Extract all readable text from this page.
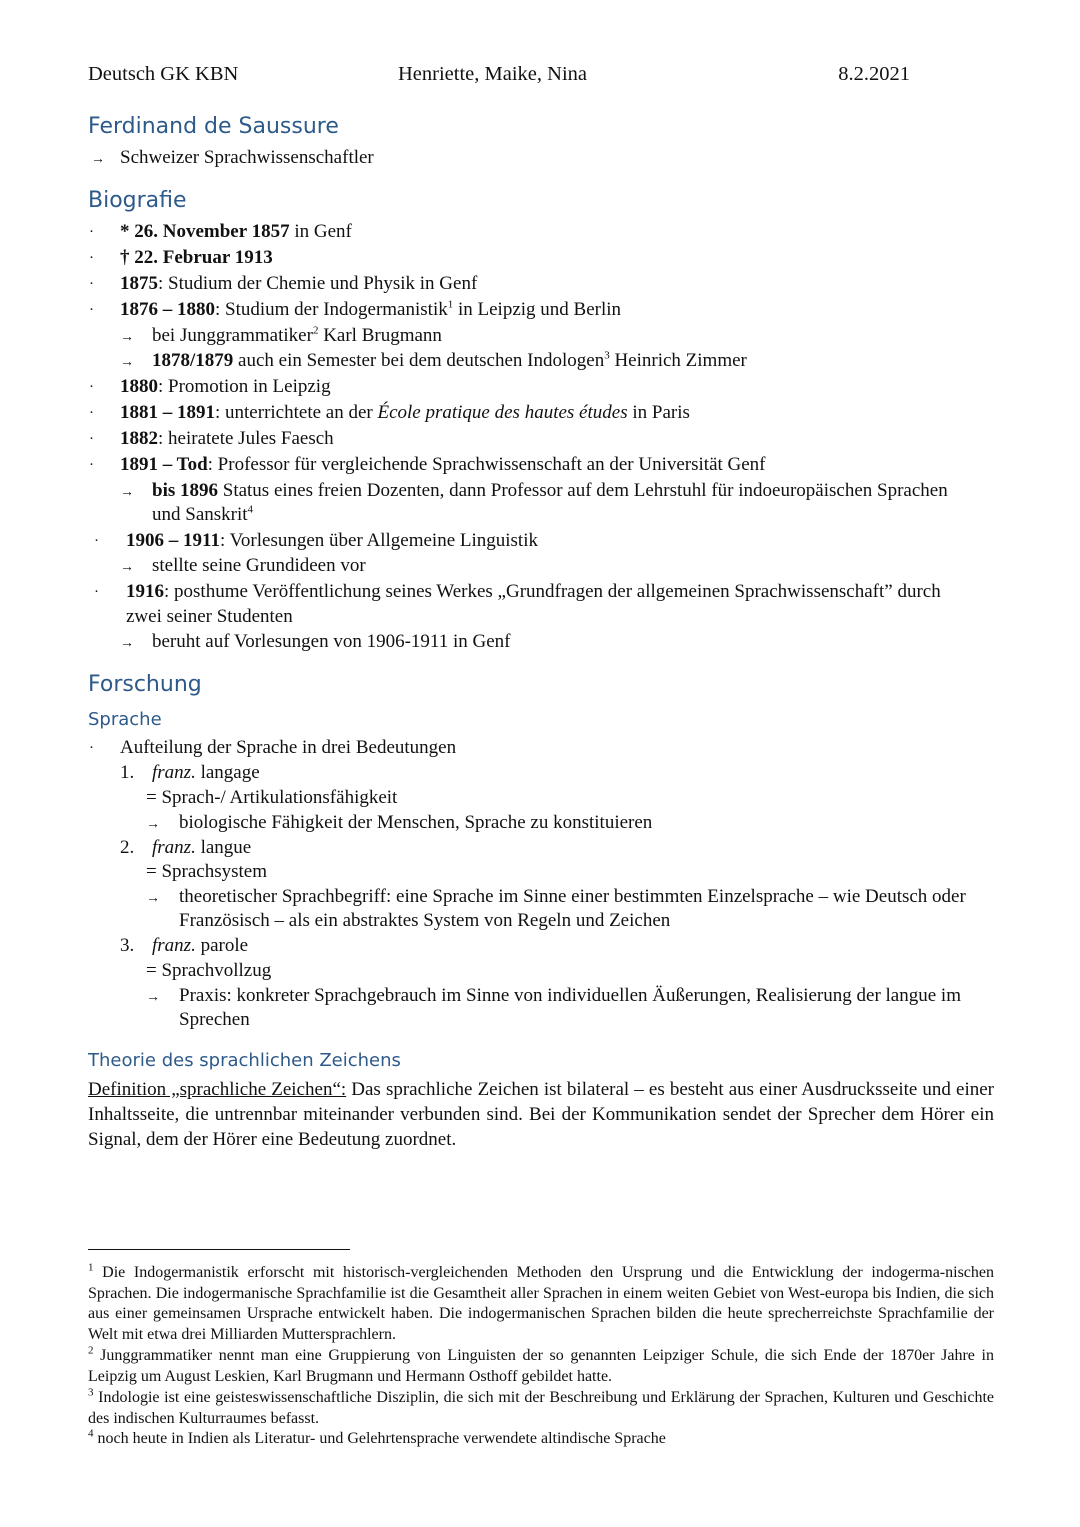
Deutsch GK KBN	Henriette, Maike, Nina	8.2.2021
Ferdinand de Saussure
→ Schweizer Sprachwissenschaftler
Biografie
· * 26. November 1857 in Genf
· † 22. Februar 1913
· 1875: Studium der Chemie und Physik in Genf
· 1876 – 1880: Studium der Indogermanistik$^1$ in Leipzig und Berlin
→ bei Junggrammatiker$^2$ Karl Brugmann
→ 1878/1879 auch ein Semester bei dem deutschen Indologen$^3$ Heinrich Zimmer
· 1880: Promotion in Leipzig
· 1881 – 1891: unterrichtete an der École pratique des hautes études in Paris
· 1882: heiratete Jules Faesch
· 1891 – Tod: Professor für vergleichende Sprachwissenschaft an der Universität Genf
→ bis 1896 Status eines freien Dozenten, dann Professor auf dem Lehrstuhl für indoeuropäischen Sprachen
und Sanskrit$^4$
· 1906 – 1911: Vorlesungen über Allgemeine Linguistik
→ stellte seine Grundideen vor
· 1916: posthume Veröffentlichung seines Werkes „Grundfragen der allgemeinen Sprachwissenschaft” durch
zwei seiner Studenten
→ beruht auf Vorlesungen von 1906-1911 in Genf
Forschung
Sprache
· Aufteilung der Sprache in drei Bedeutungen
1. franz. langage
= Sprach-/ Artikulationsfähigkeit
→ biologische Fähigkeit der Menschen, Sprache zu konstituieren
2. franz. langue
= Sprachsystem
→ theoretischer Sprachbegriff: eine Sprache im Sinne einer bestimmten Einzelsprache – wie Deutsch oder
Französisch – als ein abstraktes System von Regeln und Zeichen
3. franz. parole
= Sprachvollzug
→ Praxis: konkreter Sprachgebrauch im Sinne von individuellen Äußerungen, Realisierung der langue im
Sprechen
Theorie des sprachlichen Zeichens
Definition „sprachliche Zeichen“: Das sprachliche Zeichen ist bilateral – es besteht aus einer Ausdrucksseite und einer Inhaltsseite, die untrennbar miteinander verbunden sind. Bei der Kommunikation sendet der Sprecher dem Hörer ein Signal, dem der Hörer eine Bedeutung zuordnet.
$^1$ Die Indogermanistik erforscht mit historisch-vergleichenden Methoden den Ursprung und die Entwicklung der indogerma-nischen Sprachen. Die indogermanische Sprachfamilie ist die Gesamtheit aller Sprachen in einem weiten Gebiet von West-europa bis Indien, die sich aus einer gemeinsamen Ursprache entwickelt haben. Die indogermanischen Sprachen bilden die heute sprecherreichste Sprachfamilie der Welt mit etwa drei Milliarden Muttersprachlern.
$^2$ Junggrammatiker nennt man eine Gruppierung von Linguisten der so genannten Leipziger Schule, die sich Ende der 1870er Jahre in Leipzig um August Leskien, Karl Brugmann und Hermann Osthoff gebildet hatte.
$^3$ Indologie ist eine geisteswissenschaftliche Disziplin, die sich mit der Beschreibung und Erklärung der Sprachen, Kulturen und Geschichte des indischen Kulturraumes befasst.
$^4$ noch heute in Indien als Literatur- und Gelehrtensprache verwendete altindische Sprache
